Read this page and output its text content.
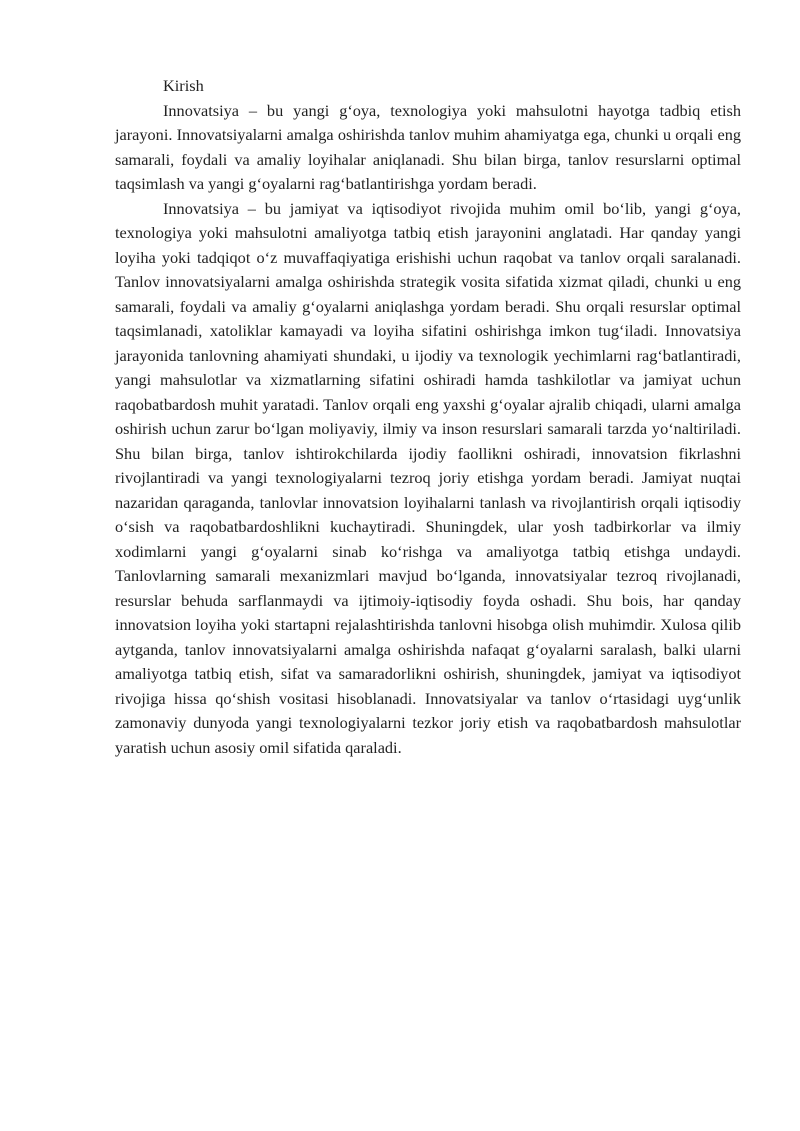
Kirish

Innovatsiya – bu yangi g‘oya, texnologiya yoki mahsulotni hayotga tadbiq etish jarayoni. Innovatsiyalarni amalga oshirishda tanlov muhim ahamiyatga ega, chunki u orqali eng samarali, foydali va amaliy loyihalar aniqlanadi. Shu bilan birga, tanlov resurslarni optimal taqsimlash va yangi g‘oyalarni rag‘batlantirishga yordam beradi.

Innovatsiya – bu jamiyat va iqtisodiyot rivojida muhim omil bo‘lib, yangi g‘oya, texnologiya yoki mahsulotni amaliyotga tatbiq etish jarayonini anglatadi. Har qanday yangi loyiha yoki tadqiqot o‘z muvaffaqiyatiga erishishi uchun raqobat va tanlov orqali saralanadi. Tanlov innovatsiyalarni amalga oshirishda strategik vosita sifatida xizmat qiladi, chunki u eng samarali, foydali va amaliy g‘oyalarni aniqlashga yordam beradi. Shu orqali resurslar optimal taqsimlanadi, xatoliklar kamayadi va loyiha sifatini oshirishga imkon tug‘iladi. Innovatsiya jarayonida tanlovning ahamiyati shundaki, u ijodiy va texnologik yechimlarni rag‘batlantiradi, yangi mahsulotlar va xizmatlarning sifatini oshiradi hamda tashkilotlar va jamiyat uchun raqobatbardosh muhit yaratadi. Tanlov orqali eng yaxshi g‘oyalar ajralib chiqadi, ularni amalga oshirish uchun zarur bo‘lgan moliyaviy, ilmiy va inson resurslari samarali tarzda yo‘naltiriladi. Shu bilan birga, tanlov ishtirokchilarda ijodiy faollikni oshiradi, innovatsion fikrlashni rivojlantiradi va yangi texnologiyalarni tezroq joriy etishga yordam beradi. Jamiyat nuqtai nazaridan qaraganda, tanlovlar innovatsion loyihalarni tanlash va rivojlantirish orqali iqtisodiy o‘sish va raqobatbardoshlikni kuchaytiradi. Shuningdek, ular yosh tadbirkorlar va ilmiy xodimlarni yangi g‘oyalarni sinab ko‘rishga va amaliyotga tatbiq etishga undaydi. Tanlovlarning samarali mexanizmlari mavjud bo‘lganda, innovatsiyalar tezroq rivojlanadi, resurslar behuda sarflanmaydi va ijtimoiy-iqtisodiy foyda oshadi. Shu bois, har qanday innovatsion loyiha yoki startapni rejalashtirishda tanlovni hisobga olish muhimdir. Xulosa qilib aytganda, tanlov innovatsiyalarni amalga oshirishda nafaqat g‘oyalarni saralash, balki ularni amaliyotga tatbiq etish, sifat va samaradorlikni oshirish, shuningdek, jamiyat va iqtisodiyot rivojiga hissa qo‘shish vositasi hisoblanadi. Innovatsiyalar va tanlov o‘rtasidagi uyg‘unlik zamonaviy dunyoda yangi texnologiyalarni tezkor joriy etish va raqobatbardosh mahsulotlar yaratish uchun asosiy omil sifatida qaraladi.
